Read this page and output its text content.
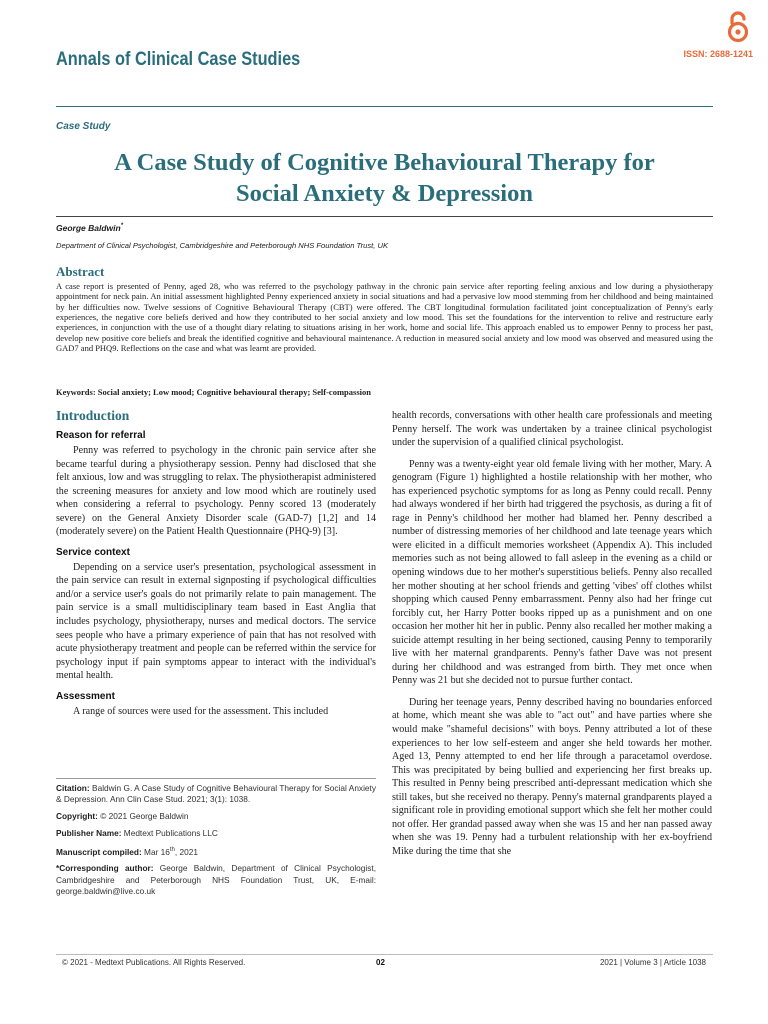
Annals of Clinical Case Studies	ISSN: 2688-1241
Case Study
A Case Study of Cognitive Behavioural Therapy for
Social Anxiety & Depression
George Baldwin*
Department of Clinical Psychologist, Cambridgeshire and Peterborough NHS Foundation Trust, UK
Abstract

A case report is presented of Penny, aged 28, who was referred to the psychology pathway in the chronic pain service after reporting feeling anxious and low during a physiotherapy appointment for neck pain. An initial assessment highlighted Penny experienced anxiety in social situations and had a pervasive low mood stemming from her childhood and being maintained by her difficulties now. Twelve sessions of Cognitive Behavioural Therapy (CBT) were offered. The CBT longitudinal formulation facilitated joint conceptualization of Penny's early experiences, the negative core beliefs derived and how they contributed to her social anxiety and low mood. This set the foundations for the intervention to relive and restructure early experiences, in conjunction with the use of a thought diary relating to situations arising in her work, home and social life. This approach enabled us to empower Penny to process her past, develop new positive core beliefs and break the identified cognitive and behavioural maintenance. A reduction in measured social anxiety and low mood was observed and measured using the GAD7 and PHQ9. Reflections on the case and what was learnt are provided.

Keywords: Social anxiety; Low mood; Cognitive behavioural therapy; Self-compassion
Introduction
Reason for referral

Penny was referred to psychology in the chronic pain service after she became tearful during a physiotherapy session. Penny had disclosed that she felt anxious, low and was struggling to relax. The physiotherapist administered the screening measures for anxiety and low mood which are routinely used when considering a referral to psychology. Penny scored 13 (moderately severe) on the General Anxiety Disorder scale (GAD-7) [1,2] and 14 (moderately severe) on the Patient Health Questionnaire (PHQ-9) [3].

Service context

Depending on a service user's presentation, psychological assessment in the pain service can result in external signposting if psychological difficulties and/or a service user's goals do not primarily relate to pain management. The pain service is a small multidisciplinary team based in East Anglia that includes psychology, physiotherapy, nurses and medical doctors. The service sees people who have a primary experience of pain that has not resolved with acute physiotherapy treatment and people can be referred within the service for psychology input if pain symptoms appear to interact with the individual's mental health.

Assessment

A range of sources were used for the assessment. This included

health records, conversations with other health care professionals and meeting Penny herself. The work was undertaken by a trainee clinical psychologist under the supervision of a qualified clinical psychologist.

Penny was a twenty-eight year old female living with her mother, Mary. A genogram (Figure 1) highlighted a hostile relationship with her mother, who has experienced psychotic symptoms for as long as Penny could recall. Penny had always wondered if her birth had triggered the psychosis, as during a fit of rage in Penny's childhood her mother had blamed her. Penny described a number of distressing memories of her childhood and late teenage years which were elicited in a difficult memories worksheet (Appendix A). This included memories such as not being allowed to fall asleep in the evening as a child or opening windows due to her mother's superstitious beliefs. Penny also recalled her mother shouting at her school friends and getting 'vibes' off clothes whilst shopping which caused Penny embarrassment. Penny also had her fringe cut forcibly cut, her Harry Potter books ripped up as a punishment and on one occasion her mother hit her in public. Penny also recalled her mother making a suicide attempt resulting in her being sectioned, causing Penny to temporarily live with her maternal grandparents. Penny's father Dave was not present during her childhood and was estranged from birth. They met once when Penny was 21 but she decided not to pursue further contact.

During her teenage years, Penny described having no boundaries enforced at home, which meant she was able to "act out" and have parties where she would make "shameful decisions" with boys. Penny attributed a lot of these experiences to her low self-esteem and anger she held towards her mother. Aged 13, Penny attempted to end her life through a paracetamol overdose. This was precipitated by being bullied and experiencing her first breaks up. This resulted in Penny being prescribed anti-depressant medication which she still takes, but she received no therapy. Penny's maternal grandparents played a significant role in providing emotional support which she felt her mother could not offer. Her grandad passed away when she was 15 and her nan passed away when she was 19. Penny had a turbulent relationship with her ex-boyfriend Mike during the time that she

Citation: Baldwin G. A Case Study of Cognitive Behavioural Therapy for Social Anxiety & Depression. Ann Clin Case Stud. 2021; 3(1): 1038.

Copyright: © 2021 George Baldwin

Publisher Name: Medtext Publications LLC

Manuscript compiled: Mar 16th, 2021

*Corresponding author: George Baldwin, Department of Clinical Psychologist, Cambridgeshire and Peterborough NHS Foundation Trust, UK, E-mail: george.baldwin@live.co.uk

© 2021 - Medtext Publications. All Rights Reserved.	02	2021 | Volume 3 | Article 1038
